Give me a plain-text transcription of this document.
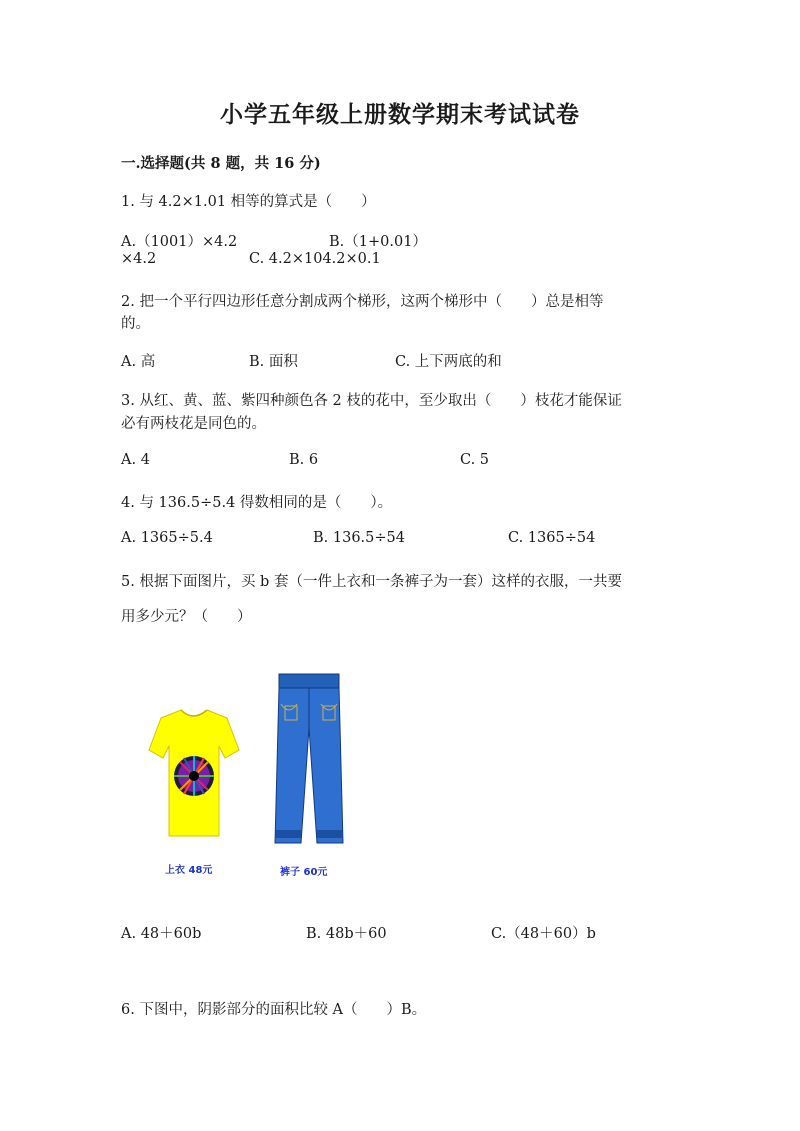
小学五年级上册数学期末考试试卷
一.选择题(共 8 题，共 16 分)
1. 与 4.2×1.01 相等的算式是（　　）
A.（1001）×4.2	B.（1+0.01）
×4.2	C. 4.2×104.2×0.1
2. 把一个平行四边形任意分割成两个梯形，这两个梯形中（　　）总是相等
的。
A. 高	B. 面积	C. 上下两底的和
3. 从红、黄、蓝、紫四种颜色各 2 枝的花中，至少取出（　　）枝花才能保证
必有两枝花是同色的。
A. 4	B. 6	C. 5
4. 与 136.5÷5.4 得数相同的是（　　）。
A. 1365÷5.4	B. 136.5÷54	C. 1365÷54
5. 根据下面图片，买 b 套（一件上衣和一条裤子为一套）这样的衣服，一共要
用多少元？（　　）
上衣 48元	裤子 60元
A. 48＋60b	B. 48b＋60	C.（48＋60）b
6. 下图中，阴影部分的面积比较 A（　　）B。
